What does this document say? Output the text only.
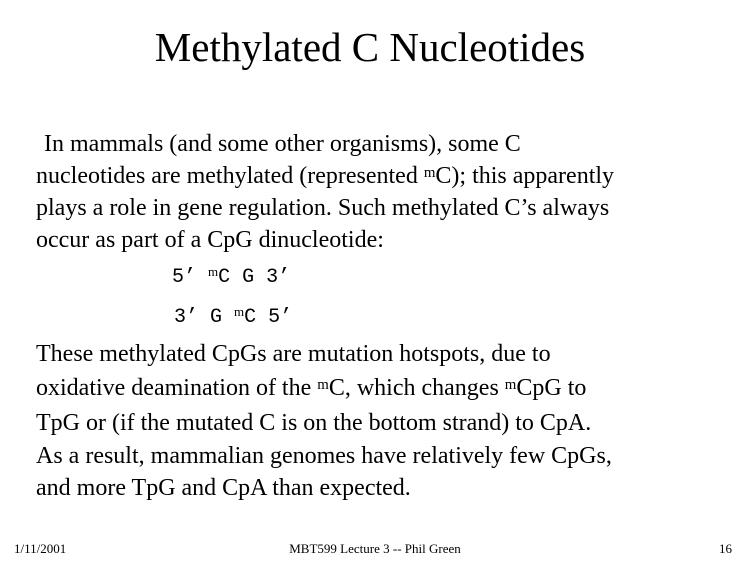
Methylated C Nucleotides
In mammals (and some other organisms), some C
nucleotides are methylated (represented $^m$C); this apparently
plays a role in gene regulation. Such methylated C’s always
occur as part of a CpG dinucleotide:
5’ $^m$C G 3’
3’ G $^m$C 5’
These methylated CpGs are mutation hotspots, due to
oxidative deamination of the $^m$C, which changes $^m$CpG to
TpG or (if the mutated C is on the bottom strand) to CpA.
As a result, mammalian genomes have relatively few CpGs,
and more TpG and CpA than expected.
1/11/2001	MBT599 Lecture 3 -- Phil Green	16
